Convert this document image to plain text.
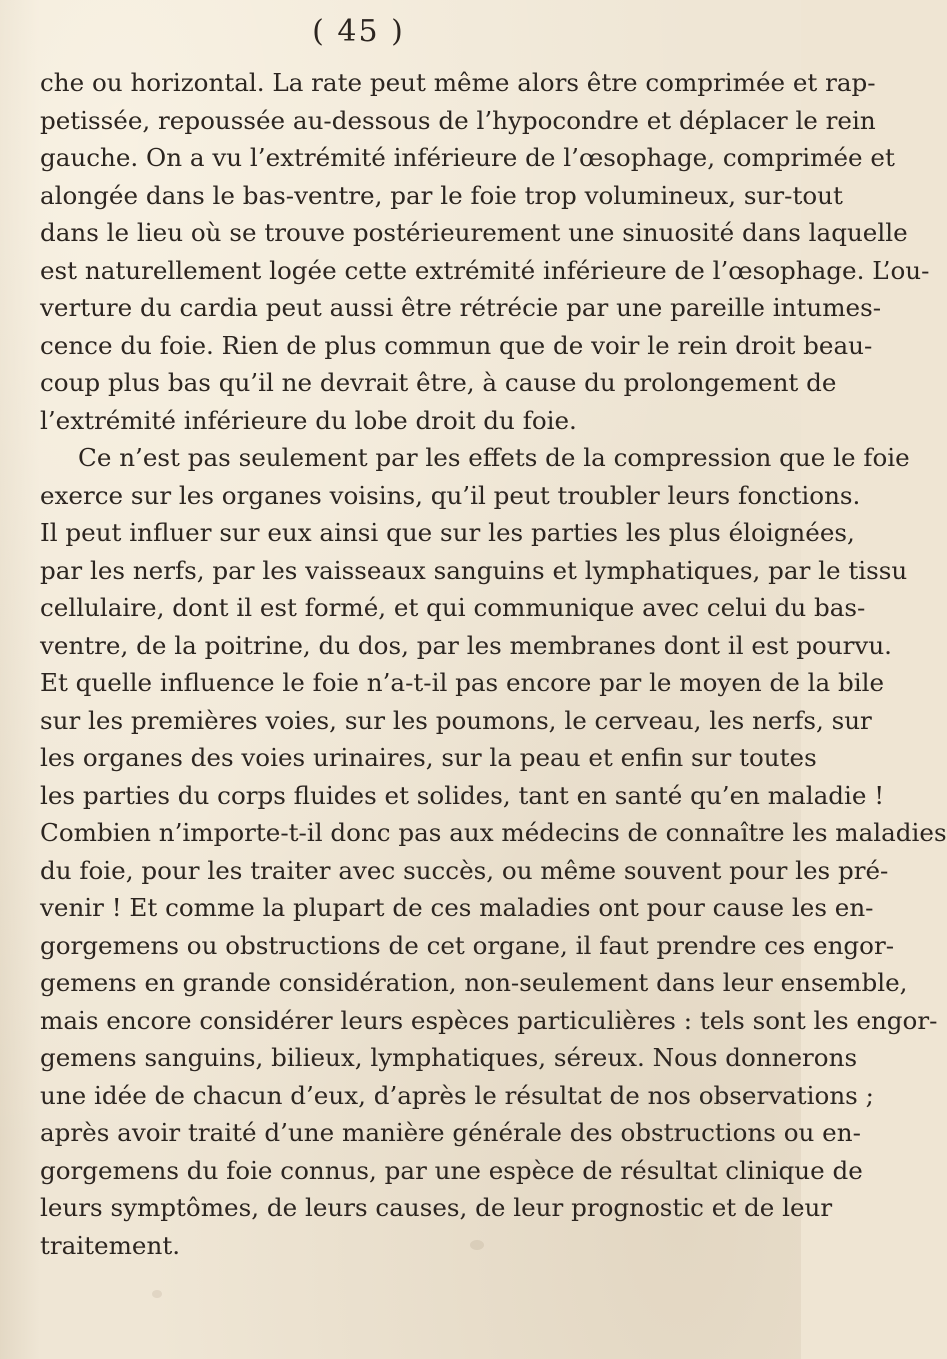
( 45 )
che ou horizontal. La rate peut même alors être comprimée et rap-
petissée, repoussée au-dessous de l’hypocondre et déplacer le rein
gauche. On a vu l’extrémité inférieure de l’œsophage, comprimée et
alongée dans le bas-ventre, par le foie trop volumineux, sur-tout
dans le lieu où se trouve postérieurement une sinuosité dans laquelle
est naturellement logée cette extrémité inférieure de l’œsophage. L’ou-
verture du cardia peut aussi être rétrécie par une pareille intumes-
cence du foie. Rien de plus commun que de voir le rein droit beau-
coup plus bas qu’il ne devrait être, à cause du prolongement de
l’extrémité inférieure du lobe droit du foie.
Ce n’est pas seulement par les effets de la compression que le foie
exerce sur les organes voisins, qu’il peut troubler leurs fonctions.
Il peut influer sur eux ainsi que sur les parties les plus éloignées,
par les nerfs, par les vaisseaux sanguins et lymphatiques, par le tissu
cellulaire, dont il est formé, et qui communique avec celui du bas-
ventre, de la poitrine, du dos, par les membranes dont il est pourvu.
Et quelle influence le foie n’a-t-il pas encore par le moyen de la bile
sur les premières voies, sur les poumons, le cerveau, les nerfs, sur
les organes des voies urinaires, sur la peau et enfin sur toutes
les parties du corps fluides et solides, tant en santé qu’en maladie !
Combien n’importe-t-il donc pas aux médecins de connaître les maladies
du foie, pour les traiter avec succès, ou même souvent pour les pré-
venir ! Et comme la plupart de ces maladies ont pour cause les en-
gorgemens ou obstructions de cet organe, il faut prendre ces engor-
gemens en grande considération, non-seulement dans leur ensemble,
mais encore considérer leurs espèces particulières : tels sont les engor-
gemens sanguins, bilieux, lymphatiques, séreux. Nous donnerons
une idée de chacun d’eux, d’après le résultat de nos observations ;
après avoir traité d’une manière générale des obstructions ou en-
gorgemens du foie connus, par une espèce de résultat clinique de
leurs symptômes, de leurs causes, de leur prognostic et de leur
traitement.
